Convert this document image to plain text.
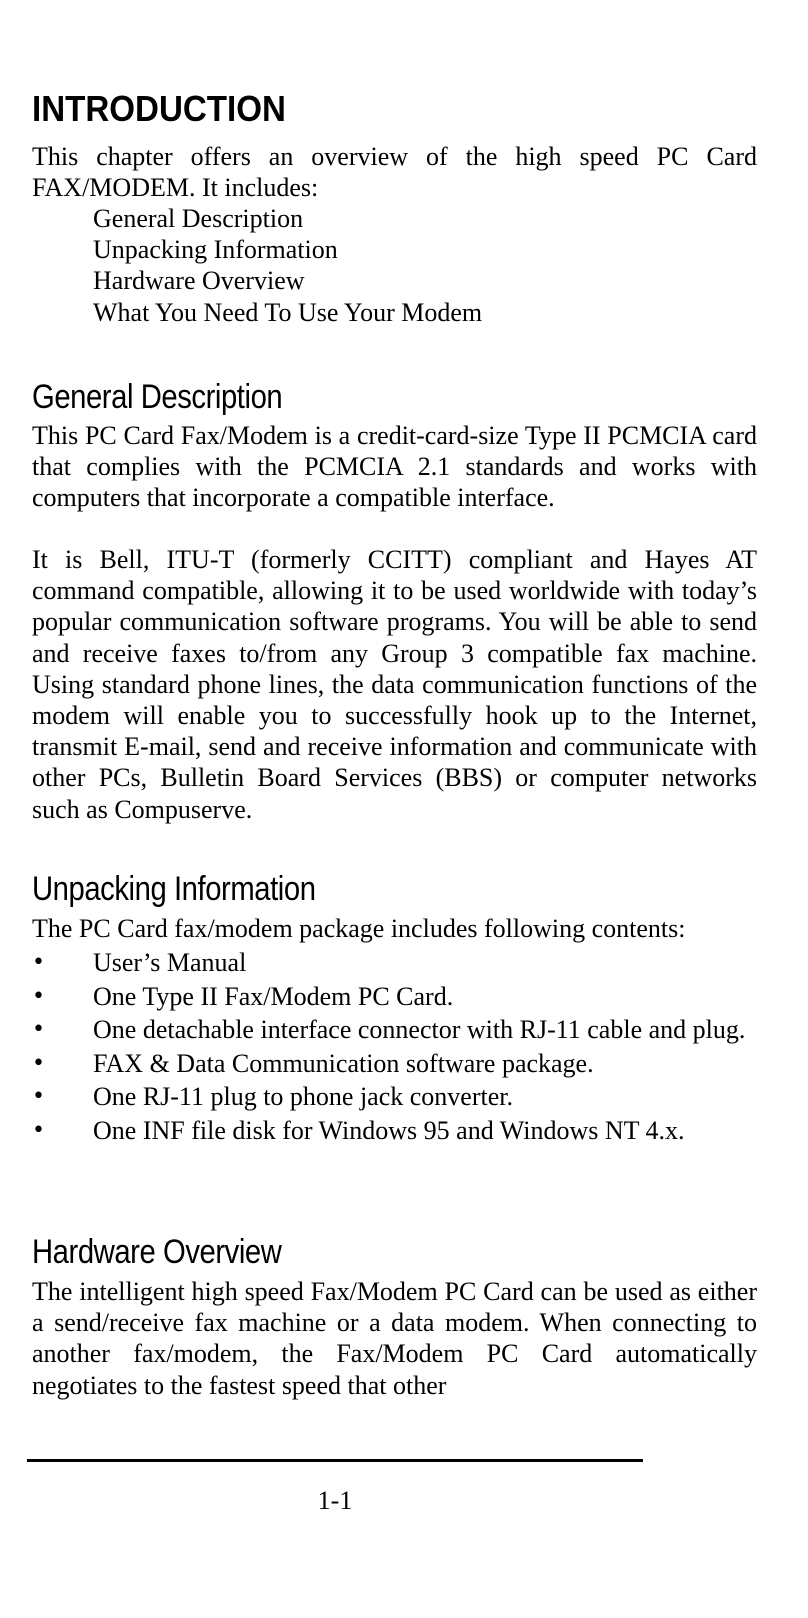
INTRODUCTION

This chapter offers an overview of the high speed PC Card FAX/MODEM. It includes:

General Description
Unpacking Information
Hardware Overview
What You Need To Use Your Modem
General Description

This PC Card Fax/Modem is a credit-card-size Type II PCMCIA card that complies with the PCMCIA 2.1 standards and works with computers that incorporate a compatible interface.

It is Bell, ITU-T (formerly CCITT) compliant and Hayes AT command compatible, allowing it to be used worldwide with today’s popular communication software programs. You will be able to send and receive faxes to/from any Group 3 compatible fax machine. Using standard phone lines, the data communication functions of the modem will enable you to successfully hook up to the Internet, transmit E-mail, send and receive information and communicate with other PCs, Bulletin Board Services (BBS) or computer networks such as Compuserve.

Unpacking Information

The PC Card fax/modem package includes following contents:

• User’s Manual
• One Type II Fax/Modem PC Card.
• One detachable interface connector with RJ-11 cable and plug.
• FAX & Data Communication software package.
• One RJ-11 plug to phone jack converter.
• One INF file disk for Windows 95 and Windows NT 4.x.
Hardware Overview

The intelligent high speed Fax/Modem PC Card can be used as either a send/receive fax machine or a data modem. When connecting to another fax/modem, the Fax/Modem PC Card automatically negotiates to the fastest speed that other

1-1
